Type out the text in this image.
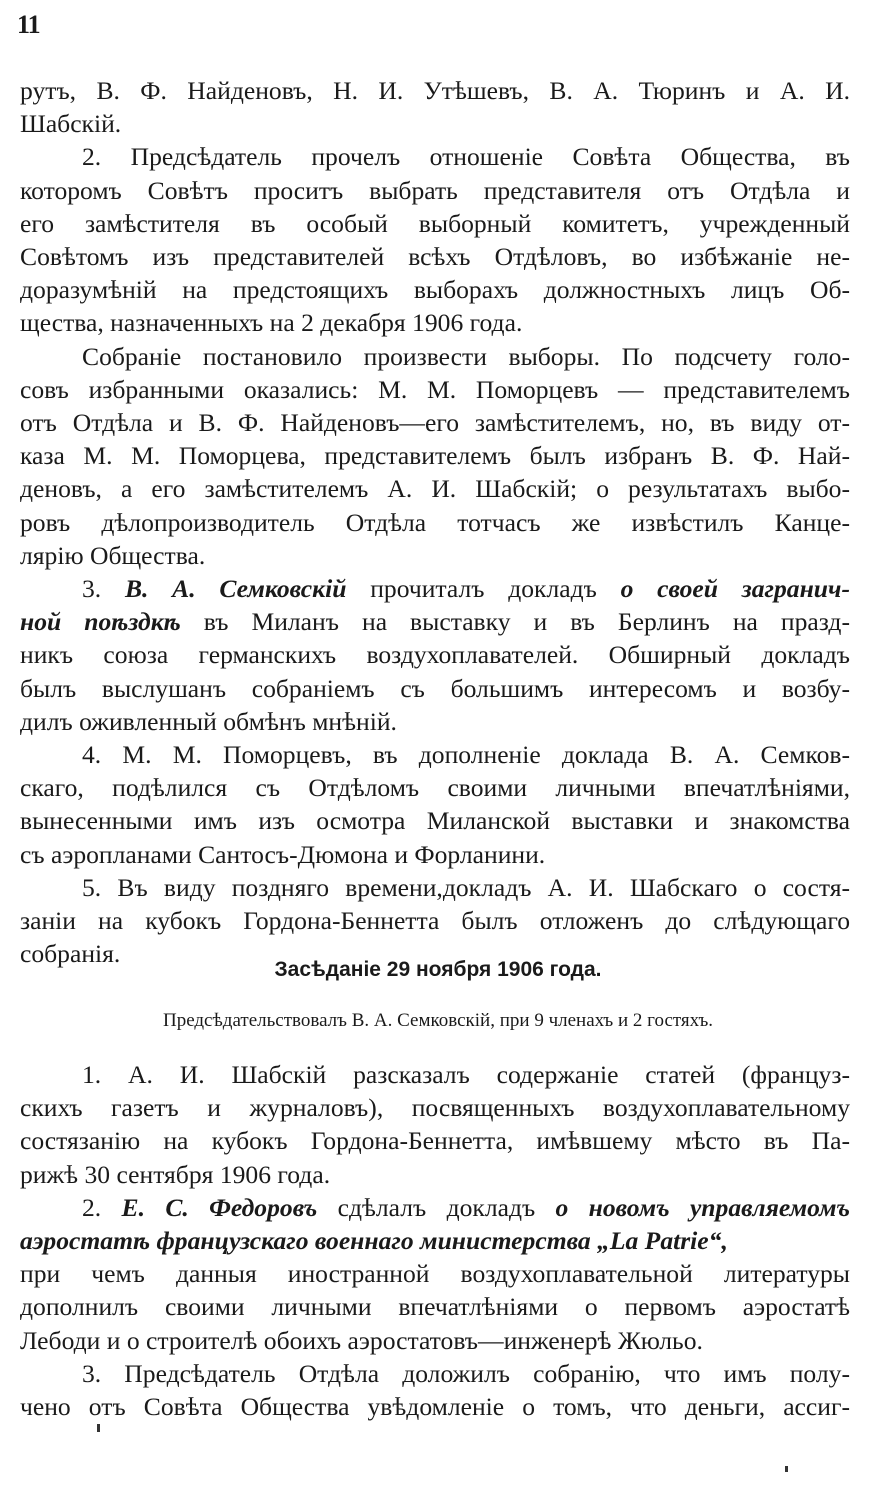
11
рутъ, В. Ф. Найденовъ, Н. И. Утѣшевъ, В. А. Тюринъ и А. И.
Шабскій.
2. Предсѣдатель прочелъ отношеніе Совѣта Общества, въ
которомъ Совѣтъ проситъ выбрать представителя отъ Отдѣла и
его замѣстителя въ особый выборный комитетъ, учрежденный
Совѣтомъ изъ представителей всѣхъ Отдѣловъ, во избѣжаніе не-
доразумѣній на предстоящихъ выборахъ должностныхъ лицъ Об-
щества, назначенныхъ на 2 декабря 1906 года.
Собраніе постановило произвести выборы. По подсчету голо-
совъ избранными оказались: М. М. Поморцевъ — представителемъ
отъ Отдѣла и В. Ф. Найденовъ—его замѣстителемъ, но, въ виду от-
каза М. М. Поморцева, представителемъ былъ избранъ В. Ф. Най-
деновъ, а его замѣстителемъ А. И. Шабскій; о результатахъ выбо-
ровъ дѣлопроизводитель Отдѣла тотчасъ же извѣстилъ Канце-
лярію Общества.
3. В. А. Семковскій прочиталъ докладъ о своей загранич-
ной поѣздкѣ въ Миланъ на выставку и въ Берлинъ на празд-
никъ союза германскихъ воздухоплавателей. Обширный докладъ
былъ выслушанъ собраніемъ съ большимъ интересомъ и возбу-
дилъ оживленный обмѣнъ мнѣній.
4. М. М. Поморцевъ, въ дополненіе доклада В. А. Семков-
скаго, подѣлился съ Отдѣломъ своими личными впечатлѣніями,
вынесенными имъ изъ осмотра Миланской выставки и знакомства
съ аэропланами Сантосъ-Дюмона и Форланини.
5. Въ виду поздняго времени,докладъ А. И. Шабскаго о состя-
заніи на кубокъ Гордона-Беннетта былъ отложенъ до слѣдующаго
собранія.
Засѣданіе 29 ноября 1906 года.
Предсѣдательствовалъ В. А. Семковскій, при 9 членахъ и 2 гостяхъ.
1. А. И. Шабскій разсказалъ содержаніе статей (француз-
скихъ газетъ и журналовъ), посвященныхъ воздухоплавательному
состязанію на кубокъ Гордона-Беннетта, имѣвшему мѣсто въ Па-
рижѣ 30 сентября 1906 года.
2. Е. С. Федоровъ сдѣлалъ докладъ о новомъ управляемомъ
аэростатѣ французскаго военнаго министерства „La Patrie“,
при чемъ данныя иностранной воздухоплавательной литературы
дополнилъ своими личными впечатлѣніями о первомъ аэростатѣ
Лебоди и о строителѣ обоихъ аэростатовъ—инженерѣ Жюльо.
3. Предсѣдатель Отдѣла доложилъ собранію, что имъ полу-
чено отъ Совѣта Общества увѣдомленіе о томъ, что деньги, ассиг-
